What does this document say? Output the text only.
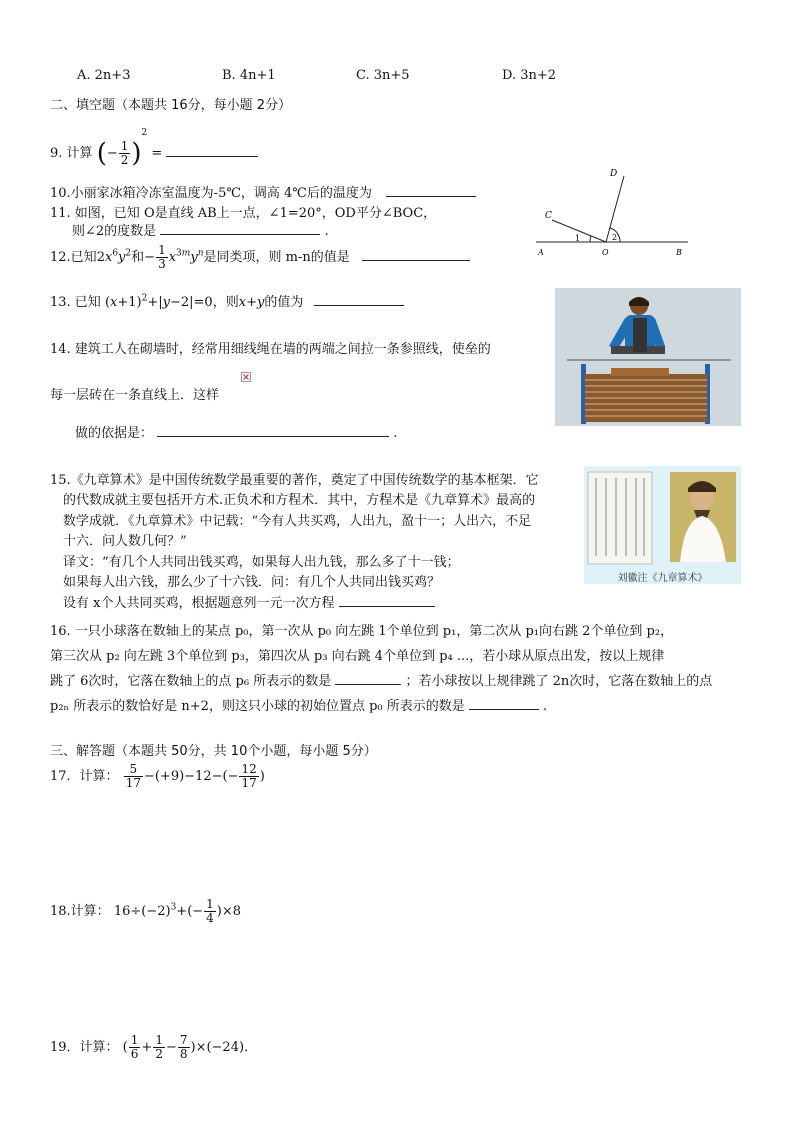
A. 2n+3	B. 4n+1	C. 3n+5	D. 3n+2
二、填空题（本题共 16分，每小题 2分）
9. 计算 (− $\frac{1}{2} )^2$ =
10.小丽家冰箱冷冻室温度为-5℃，调高 4℃后的温度为
11. 如图，已知 O是直线 AB上一点，∠1=20°，OD平分∠BOC，
则∠2的度数是	.
D
C
1	2
A	O	B
12.已知$2x^6y^2$和− $\frac{1}{3} x^{3m}y^n$是同类项，则 m-n的值是
13. 已知 $(x+1)^2+|y-2|=0$，则x+y的值为
14. 建筑工人在砌墙时，经常用细线绳在墙的两端之间拉一条参照线，使垒的
每一层砖在一条直线上．这样
做的依据是：	.
刘徽注《九章算术》
15.《九章算术》是中国传统数学最重要的著作，奠定了中国传统数学的基本框架．它
的代数成就主要包括开方术.正负术和方程术．其中，方程术是《九章算术》最高的
数学成就．《九章算术》中记载：“今有人共买鸡，人出九，盈十一；人出六，不足
十六．问人数几何？”
译文：“有几个人共同出钱买鸡，如果每人出九钱，那么多了十一钱；
如果每人出六钱，那么少了十六钱．问：有几个人共同出钱买鸡？
设有 x个人共同买鸡，根据题意列一元一次方程
16. 一只小球落在数轴上的某点 p₀，第一次从 p₀ 向左跳 1个单位到 p₁，第二次从 p₁向右跳 2个单位到 p₂，
第三次从 p₂ 向左跳 3个单位到 p₃，第四次从 p₃ 向右跳 4个单位到 p₄ ...，若小球从原点出发，按以上规律
跳了 6次时，它落在数轴上的点 p₆ 所表示的数是	；若小球按以上规律跳了 2n次时，它落在数轴上的点
p₂ₙ 所表示的数恰好是 n+2，则这只小球的初始位置点 p₀ 所表示的数是	.
三、解答题（本题共 50分，共 10个小题，每小题 5分）
17．计算： $\frac{5}{17} -(+9)-12-(- \frac{12}{17}$ )
18.计算： $16\div(-2)^3+(- \frac{1}{4} )\times 8$
19．计算： ( $\frac{1}{6} + \frac{1}{2} - \frac{7}{8} )\times(-24)$．
